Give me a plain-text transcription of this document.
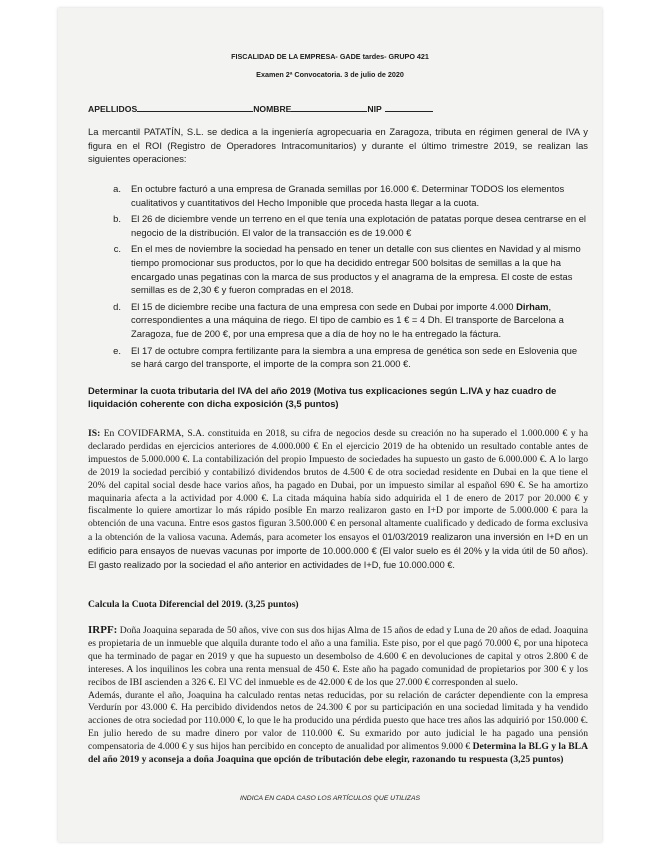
FISCALIDAD DE LA EMPRESA- GADE tardes- GRUPO 421
Examen 2ª Convocatoria. 3 de julio de 2020
APELLIDOS	NOMBRE	NIP
La mercantil PATATÍN, S.L. se dedica a la ingeniería agropecuaria en Zaragoza, tributa en régimen general de IVA y figura en el ROI (Registro de Operadores Intracomunitarios) y durante el último trimestre 2019, se realizan las siguientes operaciones:
a.	En octubre facturó a una empresa de Granada semillas por 16.000 €. Determinar TODOS los elementos cualitativos y cuantitativos del Hecho Imponible que proceda hasta llegar a la cuota.
b.	El 26 de diciembre vende un terreno en el que tenía una explotación de patatas porque desea centrarse en el negocio de la distribución. El valor de la transacción es de 19.000 €
c.	En el mes de noviembre la sociedad ha pensado en tener un detalle con sus clientes en Navidad y al mismo tiempo promocionar sus productos, por lo que ha decidido entregar 500 bolsitas de semillas a la que ha encargado unas pegatinas con la marca de sus productos y el anagrama de la empresa. El coste de estas semillas es de 2,30 € y fueron compradas en el 2018.
d.	El 15 de diciembre recibe una factura de una empresa con sede en Dubai por importe 4.000 Dirham, correspondientes a una máquina de riego. El tipo de cambio es 1 € = 4 Dh. El transporte de Barcelona a Zaragoza, fue de 200 €, por una empresa que a día de hoy no le ha entregado la fáctura.
e.	El 17 de octubre compra fertilizante para la siembra a una empresa de genética son sede en Eslovenia que se hará cargo del transporte, el importe de la compra son 21.000 €.
Determinar la cuota tributaria del IVA del año 2019 (Motiva tus explicaciones según L.IVA y haz cuadro de liquidación coherente con dicha exposición (3,5 puntos)
IS: En COVIDFARMA, S.A. constituida en 2018, su cifra de negocios desde su creación no ha superado el 1.000.000 € y ha declarado perdidas en ejercicios anteriores de 4.000.000 € En el ejercicio 2019 de ha obtenido un resultado contable antes de impuestos de 5.000.000 €. La contabilización del propio Impuesto de sociedades ha supuesto un gasto de 6.000.000 €. A lo largo de 2019 la sociedad percibió y contabilizó dividendos brutos de 4.500 € de otra sociedad residente en Dubai en la que tiene el 20% del capital social desde hace varios años, ha pagado en Dubai, por un impuesto similar al español 690 €. Se ha amortizo maquinaria afecta a la actividad por 4.000 €. La citada máquina había sido adquirida el 1 de enero de 2017 por 20.000 € y fiscalmente lo quiere amortizar lo más rápido posible En marzo realizaron gasto en I+D por importe de 5.000.000 € para la obtención de una vacuna. Entre esos gastos figuran 3.500.000 € en personal altamente cualificado y dedicado de forma exclusiva a la obtención de la valiosa vacuna. Además, para acometer los ensayos el 01/03/2019 realizaron una inversión en I+D en un edificio para ensayos de nuevas vacunas por importe de 10.000.000 € (El valor suelo es él 20% y la vida útil de 50 años). El gasto realizado por la sociedad el año anterior en actividades de I+D, fue 10.000.000 €.
Calcula la Cuota Diferencial del 2019. (3,25 puntos)
IRPF: Doña Joaquina separada de 50 años, vive con sus dos hijas Alma de 15 años de edad y Luna de 20 años de edad. Joaquina es propietaria de un inmueble que alquila durante todo el año a una familia. Este piso, por el que pagó 70.000 €, por una hipoteca que ha terminado de pagar en 2019 y que ha supuesto un desembolso de 4.600 € en devoluciones de capital y otros 2.800 € de intereses. A los inquilinos les cobra una renta mensual de 450 €. Este año ha pagado comunidad de propietarios por 300 € y los recibos de IBI ascienden a 326 €. El VC del inmueble es de 42.000 € de los que 27.000 € corresponden al suelo.
Además, durante el año, Joaquina ha calculado rentas netas reducidas, por su relación de carácter dependiente con la empresa Verdurín por 43.000 €. Ha percibido dividendos netos de 24.300 € por su participación en una sociedad limitada y ha vendido acciones de otra sociedad por 110.000 €, lo que le ha producido una pérdida puesto que hace tres años las adquirió por 150.000 €. En julio heredo de su madre dinero por valor de 110.000 €. Su exmarido por auto judicial le ha pagado una pensión compensatoria de 4.000 € y sus hijos han percibido en concepto de anualidad por alimentos 9.000 € Determina la BLG y la BLA del año 2019 y aconseja a doña Joaquina que opción de tributación debe elegir, razonando tu respuesta (3,25 puntos)
INDICA EN CADA CASO LOS ARTÍCULOS QUE UTILIZAS
